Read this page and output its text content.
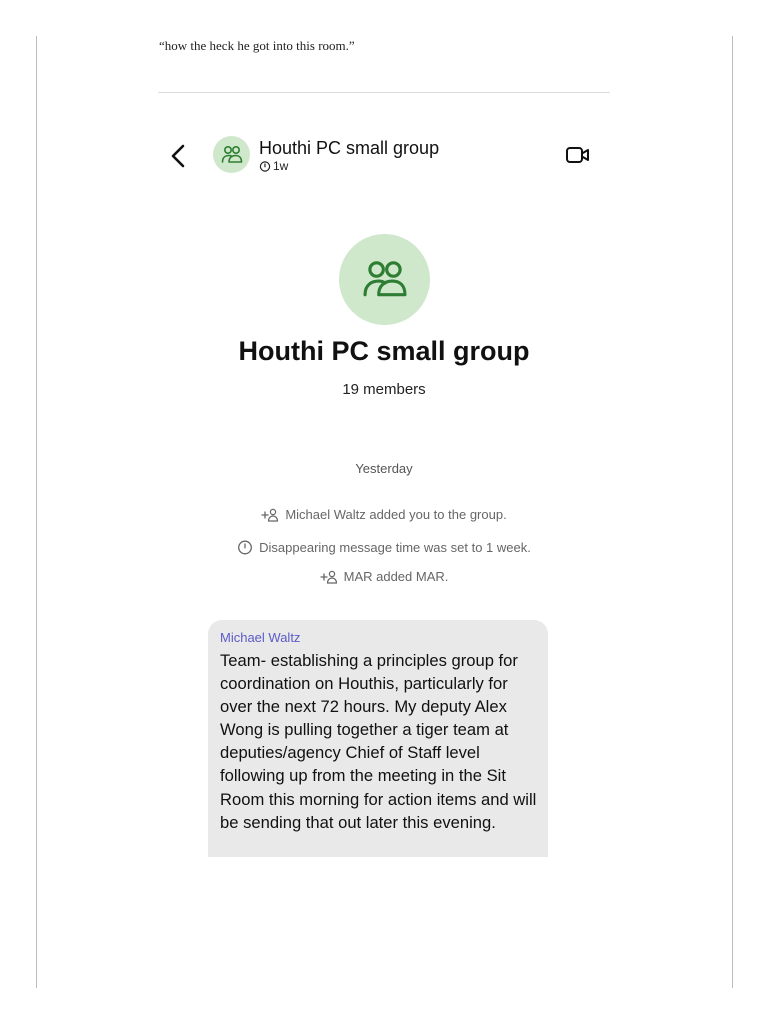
“how the heck he got into this room.”
Houthi PC small group
1w
Houthi PC small group
19 members
Yesterday
Michael Waltz added you to the group.
Disappearing message time was set to 1 week.
MAR added MAR.
Michael Waltz
Team- establishing a principles group for coordination on Houthis, particularly for over the next 72 hours. My deputy Alex Wong is pulling together a tiger team at deputies/agency Chief of Staff level following up from the meeting in the Sit Room this morning for action items and will be sending that out later this evening.
